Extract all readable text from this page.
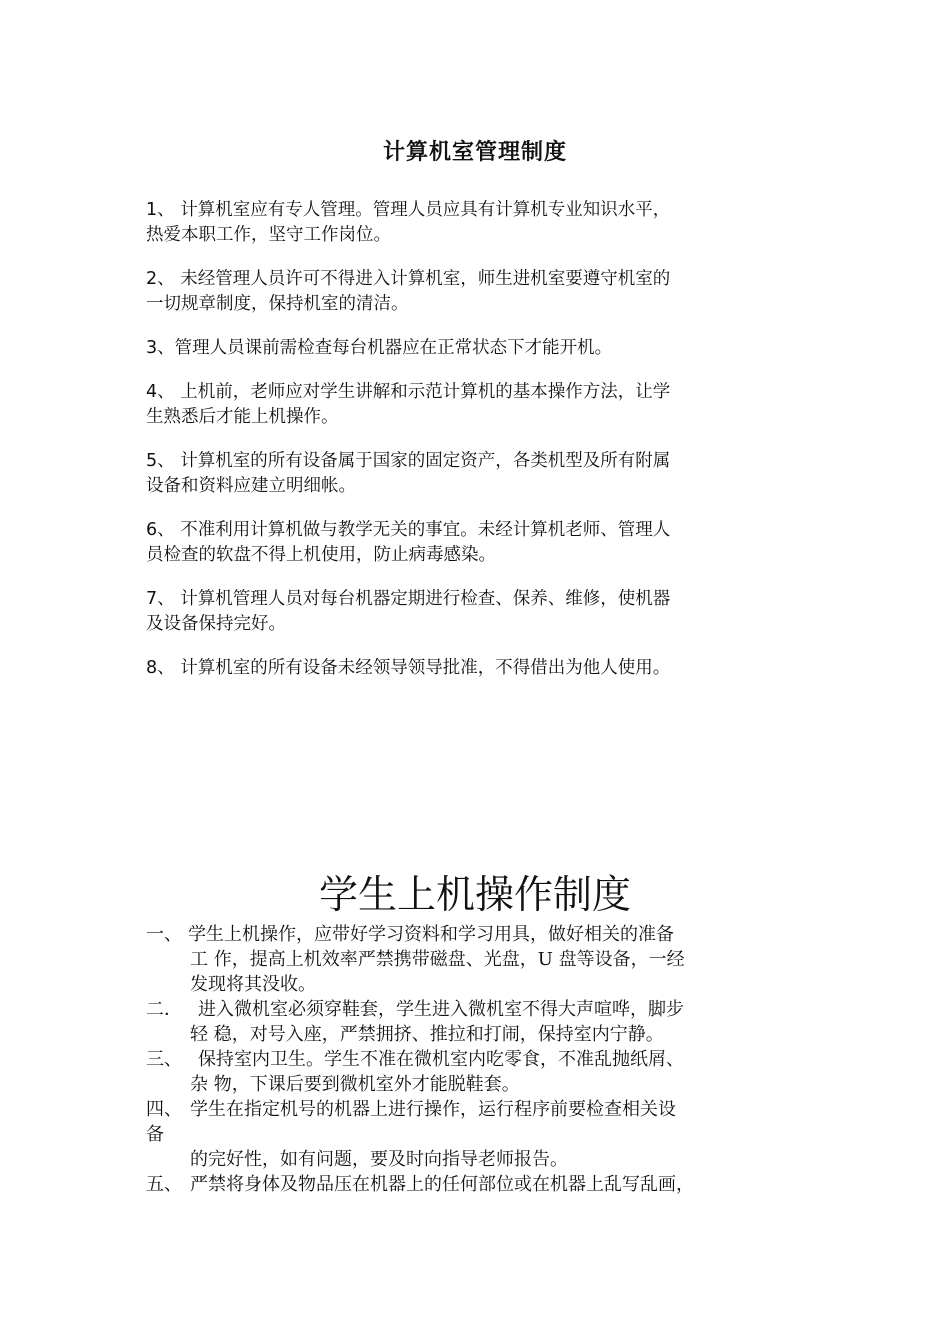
计算机室管理制度
1、 计算机室应有专人管理。管理人员应具有计算机专业知识水平，
热爱本职工作，坚守工作岗位。
2、 未经管理人员许可不得进入计算机室，师生进机室要遵守机室的
一切规章制度，保持机室的清洁。
3、管理人员课前需检查每台机器应在正常状态下才能开机。
4、 上机前，老师应对学生讲解和示范计算机的基本操作方法，让学
生熟悉后才能上机操作。
5、 计算机室的所有设备属于国家的固定资产，各类机型及所有附属
设备和资料应建立明细帐。
6、 不准利用计算机做与教学无关的事宜。未经计算机老师、管理人
员检查的软盘不得上机使用，防止病毒感染。
7、 计算机管理人员对每台机器定期进行检查、保养、维修，使机器
及设备保持完好。
8、 计算机室的所有设备未经领导领导批准，不得借出为他人使用。
学生上机操作制度
一、 学生上机操作，应带好学习资料和学习用具，做好相关的准备
工 作，提高上机效率严禁携带磁盘、光盘，U 盘等设备，一经
发现将其没收。
二． 进入微机室必须穿鞋套，学生进入微机室不得大声喧哗，脚步
轻 稳，对号入座，严禁拥挤、推拉和打闹，保持室内宁静。
三、 保持室内卫生。学生不准在微机室内吃零食，不准乱抛纸屑、
杂 物，下课后要到微机室外才能脱鞋套。
四、 学生在指定机号的机器上进行操作，运行程序前要检查相关设
备
的完好性，如有问题，要及时向指导老师报告。
五、 严禁将身体及物品压在机器上的任何部位或在机器上乱写乱画，
